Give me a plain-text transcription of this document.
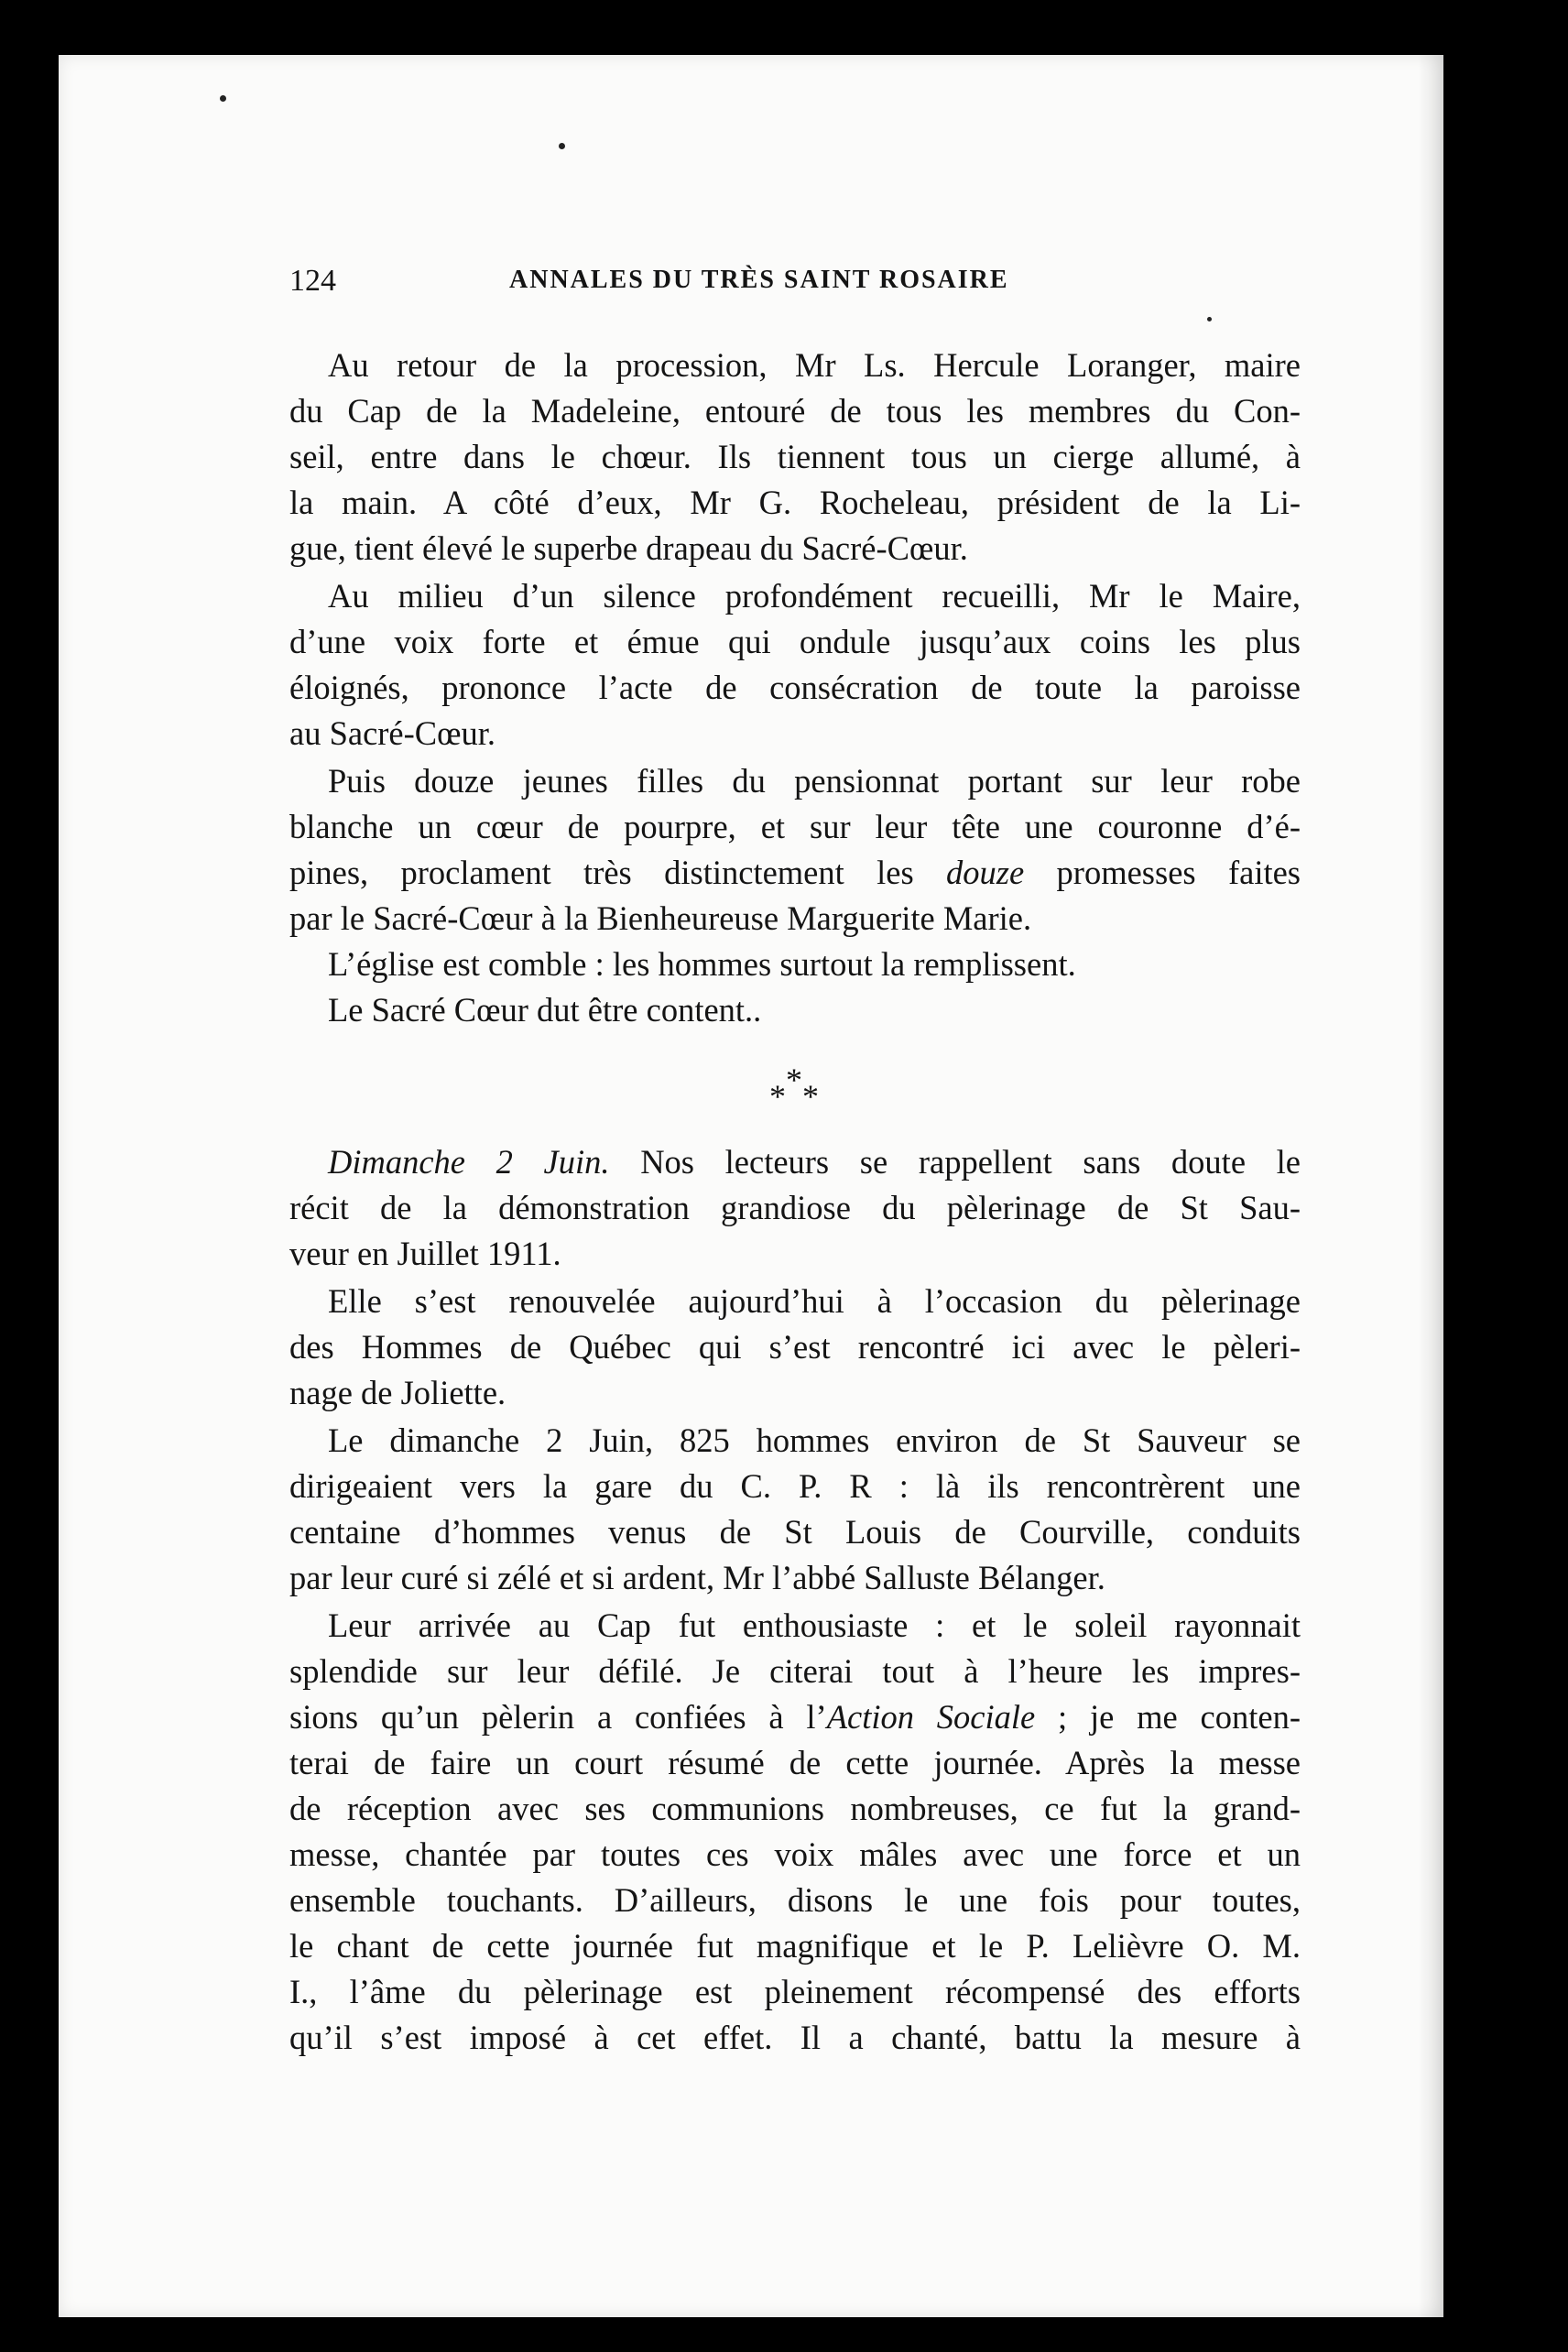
124	ANNALES DU TRÈS SAINT ROSAIRE
Au retour de la procession, Mr Ls. Hercule Loranger, maire
du Cap de la Madeleine, entouré de tous les membres du Con-
seil, entre dans le chœur. Ils tiennent tous un cierge allumé, à
la main. A côté d’eux, Mr G. Rocheleau, président de la Li-
gue, tient élevé le superbe drapeau du Sacré-Cœur.
Au milieu d’un silence profondément recueilli, Mr le Maire,
d’une voix forte et émue qui ondule jusqu’aux coins les plus
éloignés, prononce l’acte de consécration de toute la paroisse
au Sacré-Cœur.
Puis douze jeunes filles du pensionnat portant sur leur robe
blanche un cœur de pourpre, et sur leur tête une couronne d’é-
pines, proclament très distinctement les douze promesses faites
par le Sacré-Cœur à la Bienheureuse Marguerite Marie.
L’église est comble : les hommes surtout la remplissent.
Le Sacré Cœur dut être content..
Dimanche 2 Juin. Nos lecteurs se rappellent sans doute le
récit de la démonstration grandiose du pèlerinage de St Sau-
veur en Juillet 1911.
Elle s’est renouvelée aujourd’hui à l’occasion du pèlerinage
des Hommes de Québec qui s’est rencontré ici avec le pèleri-
nage de Joliette.
Le dimanche 2 Juin, 825 hommes environ de St Sauveur se
dirigeaient vers la gare du C. P. R : là ils rencontrèrent une
centaine d’hommes venus de St Louis de Courville, conduits
par leur curé si zélé et si ardent, Mr l’abbé Salluste Bélanger.
Leur arrivée au Cap fut enthousiaste : et le soleil rayonnait
splendide sur leur défilé. Je citerai tout à l’heure les impres-
sions qu’un pèlerin a confiées à l’Action Sociale ; je me conten-
terai de faire un court résumé de cette journée. Après la messe
de réception avec ses communions nombreuses, ce fut la grand-
messe, chantée par toutes ces voix mâles avec une force et un
ensemble touchants. D’ailleurs, disons le une fois pour toutes,
le chant de cette journée fut magnifique et le P. Lelièvre O. M.
I., l’âme du pèlerinage est pleinement récompensé des efforts
qu’il s’est imposé à cet effet. Il a chanté, battu la mesure à
* * *
